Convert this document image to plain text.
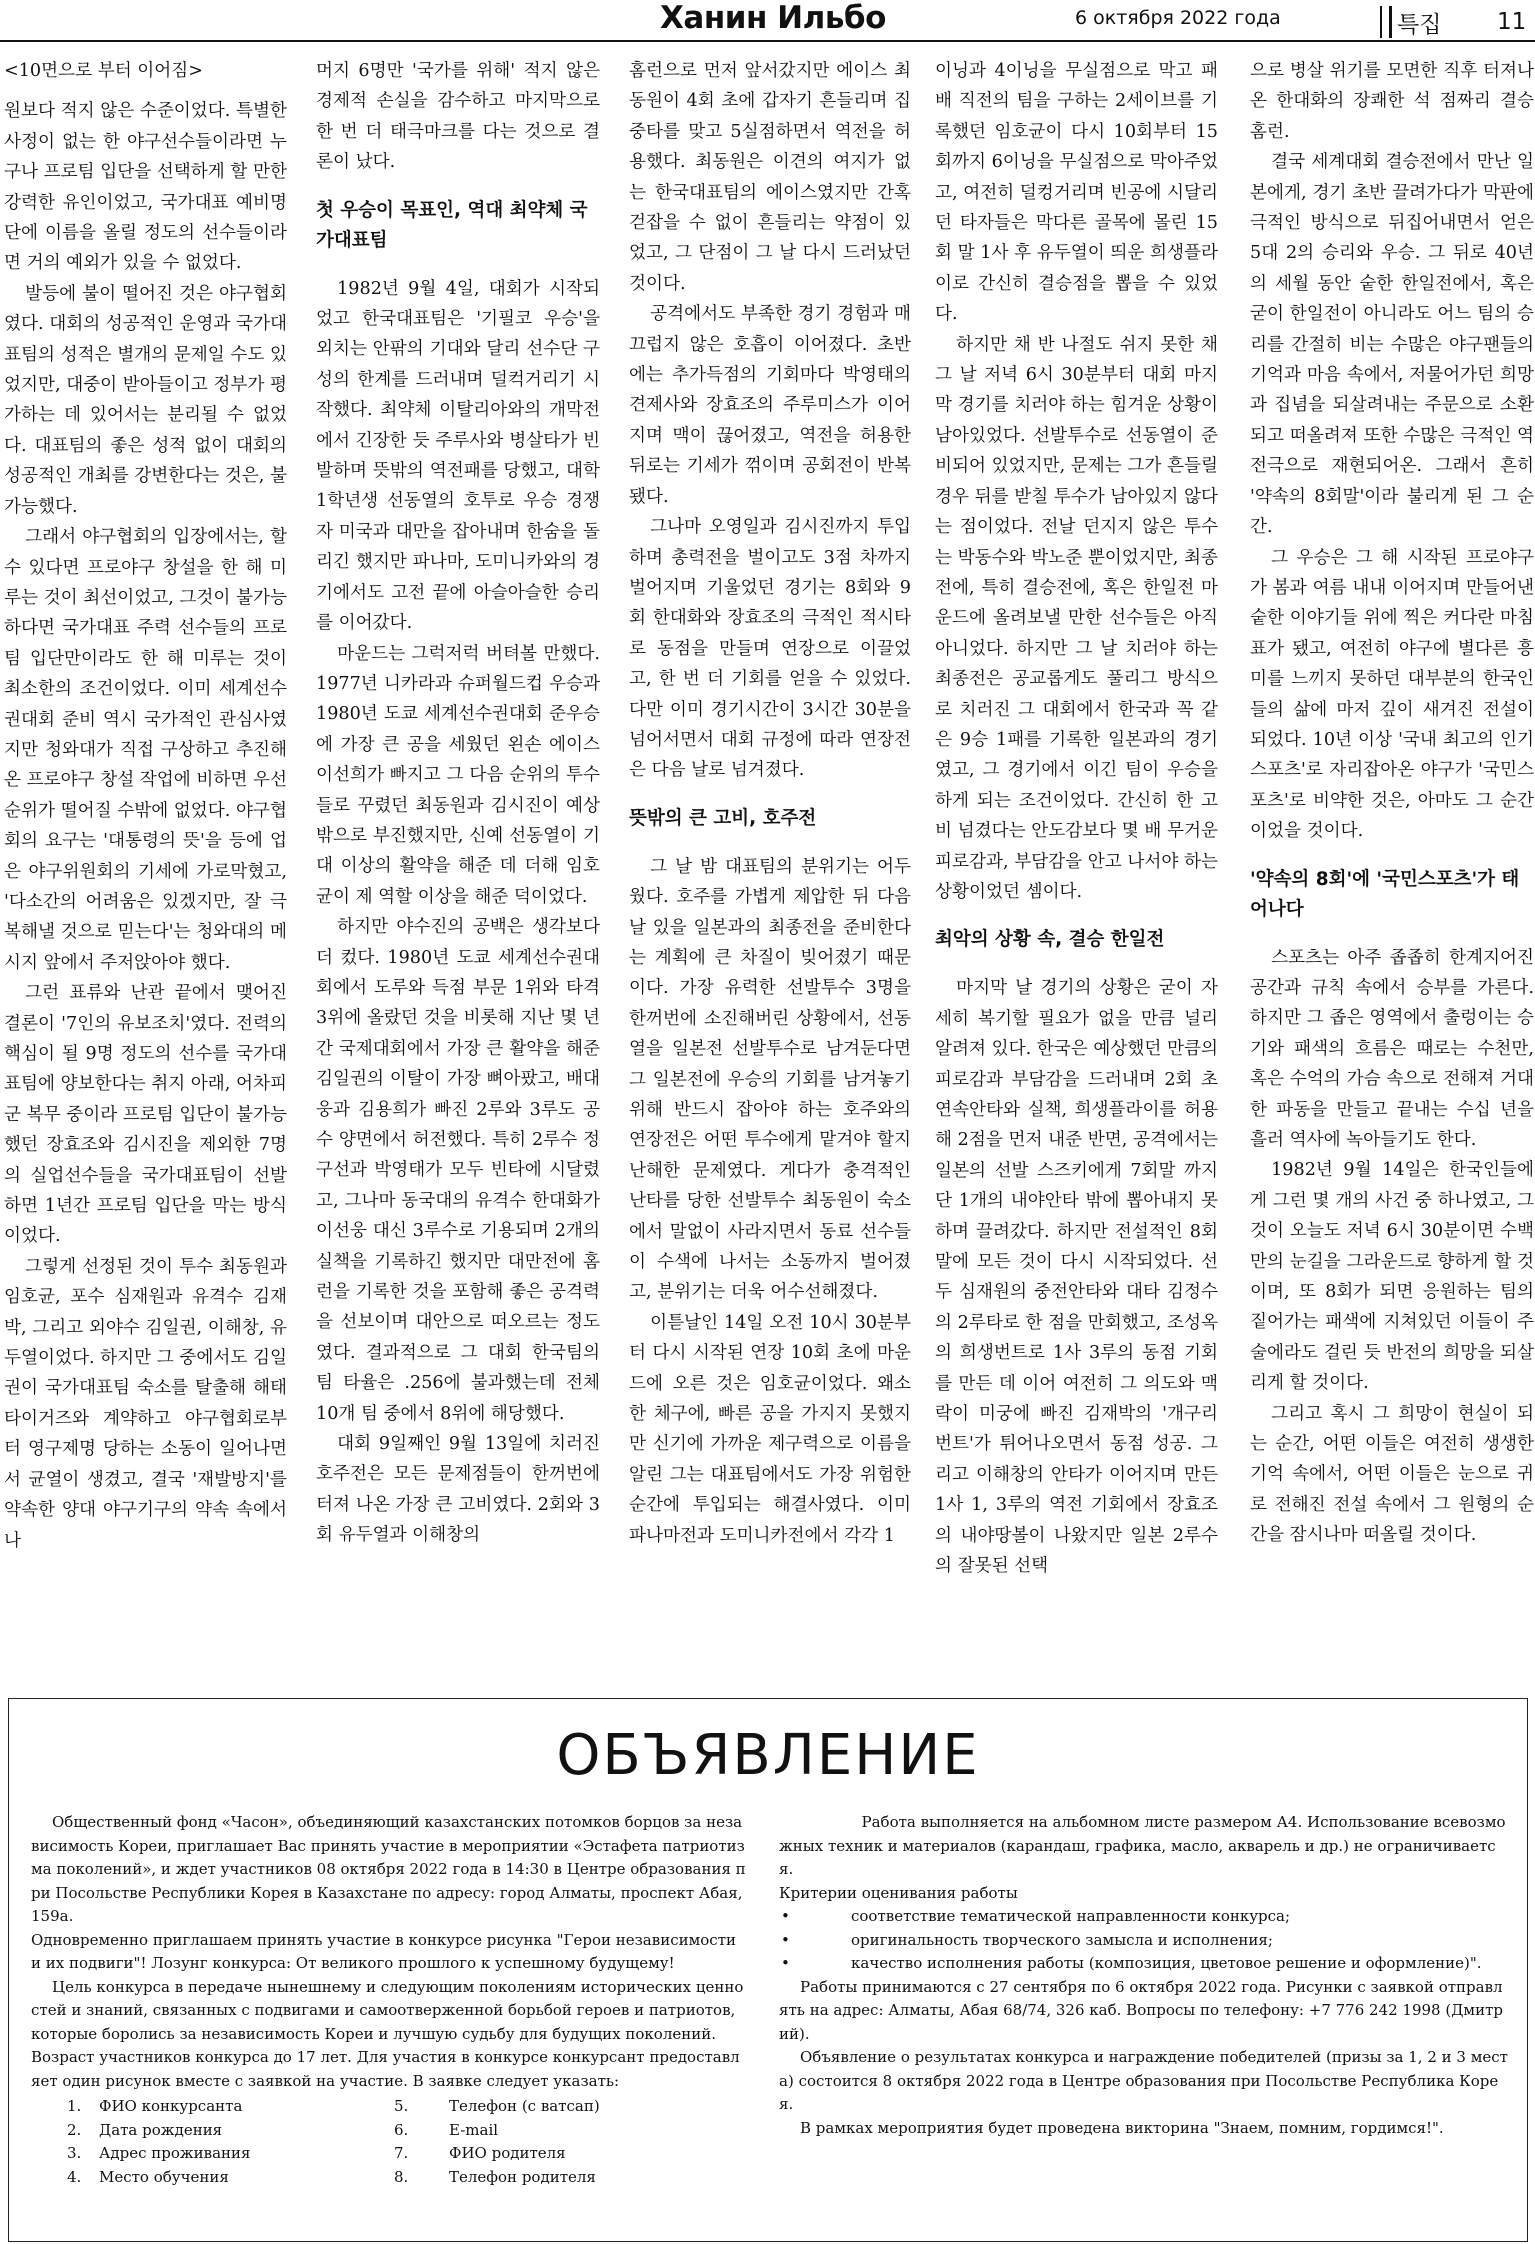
Ханин Ильбо	6 октября 2022 года	특집 11

<10면으로 부터 이어짐>

원보다 적지 않은 수준이었다. 특별한 사정이 없는 한 야구선수들이라면 누구나 프로팀 입단을 선택하게 할 만한 강력한 유인이었고, 국가대표 예비명단에 이름을 올릴 정도의 선수들이라면 거의 예외가 있을 수 없었다.

발등에 불이 떨어진 것은 야구협회였다. 대회의 성공적인 운영과 국가대표팀의 성적은 별개의 문제일 수도 있었지만, 대중이 받아들이고 정부가 평가하는 데 있어서는 분리될 수 없었다. 대표팀의 좋은 성적 없이 대회의 성공적인 개최를 강변한다는 것은, 불가능했다.

그래서 야구협회의 입장에서는, 할 수 있다면 프로야구 창설을 한 해 미루는 것이 최선이었고, 그것이 불가능하다면 국가대표 주력 선수들의 프로팀 입단만이라도 한 해 미루는 것이 최소한의 조건이었다. 이미 세계선수권대회 준비 역시 국가적인 관심사였지만 청와대가 직접 구상하고 추진해온 프로야구 창설 작업에 비하면 우선순위가 떨어질 수밖에 없었다. 야구협회의 요구는 '대통령의 뜻'을 등에 업은 야구위원회의 기세에 가로막혔고, '다소간의 어려움은 있겠지만, 잘 극복해낼 것으로 믿는다'는 청와대의 메시지 앞에서 주저앉아야 했다.

그런 표류와 난관 끝에서 맺어진 결론이 '7인의 유보조치'였다. 전력의 핵심이 될 9명 정도의 선수를 국가대표팀에 양보한다는 취지 아래, 어차피 군 복무 중이라 프로팀 입단이 불가능했던 장효조와 김시진을 제외한 7명의 실업선수들을 국가대표팀이 선발하면 1년간 프로팀 입단을 막는 방식이었다.

그렇게 선정된 것이 투수 최동원과 임호균, 포수 심재원과 유격수 김재박, 그리고 외야수 김일권, 이해창, 유두열이었다. 하지만 그 중에서도 김일권이 국가대표팀 숙소를 탈출해 해태 타이거즈와 계약하고 야구협회로부터 영구제명 당하는 소동이 일어나면서 균열이 생겼고, 결국 '재발방지'를 약속한 양대 야구기구의 약속 속에서 나

머지 6명만 '국가를 위해' 적지 않은 경제적 손실을 감수하고 마지막으로 한 번 더 태극마크를 다는 것으로 결론이 났다.

첫 우승이 목표인, 역대 최약체 국가대표팀

1982년 9월 4일, 대회가 시작되었고 한국대표팀은 '기필코 우승'을 외치는 안팎의 기대와 달리 선수단 구성의 한계를 드러내며 덜컥거리기 시작했다. 최약체 이탈리아와의 개막전에서 긴장한 듯 주루사와 병살타가 빈발하며 뜻밖의 역전패를 당했고, 대학 1학년생 선동열의 호투로 우승 경쟁자 미국과 대만을 잡아내며 한숨을 돌리긴 했지만 파나마, 도미니카와의 경기에서도 고전 끝에 아슬아슬한 승리를 이어갔다.

마운드는 그럭저럭 버텨볼 만했다. 1977년 니카라과 슈퍼월드컵 우승과 1980년 도쿄 세계선수권대회 준우승에 가장 큰 공을 세웠던 왼손 에이스 이선희가 빠지고 그 다음 순위의 투수들로 꾸렸던 최동원과 김시진이 예상 밖으로 부진했지만, 신예 선동열이 기대 이상의 활약을 해준 데 더해 임호균이 제 역할 이상을 해준 덕이었다.

하지만 야수진의 공백은 생각보다 더 컸다. 1980년 도쿄 세계선수권대회에서 도루와 득점 부문 1위와 타격 3위에 올랐던 것을 비롯해 지난 몇 년간 국제대회에서 가장 큰 활약을 해준 김일권의 이탈이 가장 뼈아팠고, 배대웅과 김용희가 빠진 2루와 3루도 공수 양면에서 허전했다. 특히 2루수 정구선과 박영태가 모두 빈타에 시달렸고, 그나마 동국대의 유격수 한대화가 이선웅 대신 3루수로 기용되며 2개의 실책을 기록하긴 했지만 대만전에 홈런을 기록한 것을 포함해 좋은 공격력을 선보이며 대안으로 떠오르는 정도였다. 결과적으로 그 대회 한국팀의 팀 타율은 .256에 불과했는데 전체 10개 팀 중에서 8위에 해당했다.

대회 9일째인 9월 13일에 치러진 호주전은 모든 문제점들이 한꺼번에 터져 나온 가장 큰 고비였다. 2회와 3회 유두열과 이해창의

홈런으로 먼저 앞서갔지만 에이스 최동원이 4회 초에 갑자기 흔들리며 집중타를 맞고 5실점하면서 역전을 허용했다. 최동원은 이견의 여지가 없는 한국대표팀의 에이스였지만 간혹 걷잡을 수 없이 흔들리는 약점이 있었고, 그 단점이 그 날 다시 드러났던 것이다.

공격에서도 부족한 경기 경험과 매끄럽지 않은 호흡이 이어졌다. 초반에는 추가득점의 기회마다 박영태의 견제사와 장효조의 주루미스가 이어지며 맥이 끊어졌고, 역전을 허용한 뒤로는 기세가 꺾이며 공회전이 반복됐다.

그나마 오영일과 김시진까지 투입하며 총력전을 벌이고도 3점 차까지 벌어지며 기울었던 경기는 8회와 9회 한대화와 장효조의 극적인 적시타로 동점을 만들며 연장으로 이끌었고, 한 번 더 기회를 얻을 수 있었다. 다만 이미 경기시간이 3시간 30분을 넘어서면서 대회 규정에 따라 연장전은 다음 날로 넘겨졌다.

뜻밖의 큰 고비, 호주전

그 날 밤 대표팀의 분위기는 어두웠다. 호주를 가볍게 제압한 뒤 다음 날 있을 일본과의 최종전을 준비한다는 계획에 큰 차질이 빚어졌기 때문이다. 가장 유력한 선발투수 3명을 한꺼번에 소진해버린 상황에서, 선동열을 일본전 선발투수로 남겨둔다면 그 일본전에 우승의 기회를 남겨놓기 위해 반드시 잡아야 하는 호주와의 연장전은 어떤 투수에게 맡겨야 할지 난해한 문제였다. 게다가 충격적인 난타를 당한 선발투수 최동원이 숙소에서 말없이 사라지면서 동료 선수들이 수색에 나서는 소동까지 벌어졌고, 분위기는 더욱 어수선해졌다.

이튿날인 14일 오전 10시 30분부터 다시 시작된 연장 10회 초에 마운드에 오른 것은 임호균이었다. 왜소한 체구에, 빠른 공을 가지지 못했지만 신기에 가까운 제구력으로 이름을 알린 그는 대표팀에서도 가장 위험한 순간에 투입되는 해결사였다. 이미 파나마전과 도미니카전에서 각각 1

이닝과 4이닝을 무실점으로 막고 패배 직전의 팀을 구하는 2세이브를 기록했던 임호균이 다시 10회부터 15회까지 6이닝을 무실점으로 막아주었고, 여전히 덜컹거리며 빈공에 시달리던 타자들은 막다른 골목에 몰린 15회 말 1사 후 유두열이 띄운 희생플라이로 간신히 결승점을 뽑을 수 있었다.

하지만 채 반 나절도 쉬지 못한 채 그 날 저녁 6시 30분부터 대회 마지막 경기를 치러야 하는 힘겨운 상황이 남아있었다. 선발투수로 선동열이 준비되어 있었지만, 문제는 그가 흔들릴 경우 뒤를 받칠 투수가 남아있지 않다는 점이었다. 전날 던지지 않은 투수는 박동수와 박노준 뿐이었지만, 최종전에, 특히 결승전에, 혹은 한일전 마운드에 올려보낼 만한 선수들은 아직 아니었다. 하지만 그 날 치러야 하는 최종전은 공교롭게도 풀리그 방식으로 치러진 그 대회에서 한국과 꼭 같은 9승 1패를 기록한 일본과의 경기였고, 그 경기에서 이긴 팀이 우승을 하게 되는 조건이었다. 간신히 한 고비 넘겼다는 안도감보다 몇 배 무거운 피로감과, 부담감을 안고 나서야 하는 상황이었던 셈이다.

최악의 상황 속, 결승 한일전

마지막 날 경기의 상황은 굳이 자세히 복기할 필요가 없을 만큼 널리 알려져 있다. 한국은 예상했던 만큼의 피로감과 부담감을 드러내며 2회 초 연속안타와 실책, 희생플라이를 허용해 2점을 먼저 내준 반면, 공격에서는 일본의 선발 스즈키에게 7회말 까지 단 1개의 내야안타 밖에 뽑아내지 못하며 끌려갔다. 하지만 전설적인 8회 말에 모든 것이 다시 시작되었다. 선두 심재원의 중전안타와 대타 김정수의 2루타로 한 점을 만회했고, 조성옥의 희생번트로 1사 3루의 동점 기회를 만든 데 이어 여전히 그 의도와 맥락이 미궁에 빠진 김재박의 '개구리 번트'가 튀어나오면서 동점 성공. 그리고 이해창의 안타가 이어지며 만든 1사 1, 3루의 역전 기회에서 장효조의 내야땅볼이 나왔지만 일본 2루수의 잘못된 선택

으로 병살 위기를 모면한 직후 터져나온 한대화의 장쾌한 석 점짜리 결승 홈런.

결국 세계대회 결승전에서 만난 일본에게, 경기 초반 끌려가다가 막판에 극적인 방식으로 뒤집어내면서 얻은 5대 2의 승리와 우승. 그 뒤로 40년의 세월 동안 숱한 한일전에서, 혹은 굳이 한일전이 아니라도 어느 팀의 승리를 간절히 비는 수많은 야구팬들의 기억과 마음 속에서, 저물어가던 희망과 집념을 되살려내는 주문으로 소환되고 떠올려져 또한 수많은 극적인 역전극으로 재현되어온. 그래서 흔히 '약속의 8회말'이라 불리게 된 그 순간.

그 우승은 그 해 시작된 프로야구가 봄과 여름 내내 이어지며 만들어낸 숱한 이야기들 위에 찍은 커다란 마침표가 됐고, 여전히 야구에 별다른 흥미를 느끼지 못하던 대부분의 한국인들의 삶에 마저 깊이 새겨진 전설이 되었다. 10년 이상 '국내 최고의 인기 스포츠'로 자리잡아온 야구가 '국민스포츠'로 비약한 것은, 아마도 그 순간이었을 것이다.

'약속의 8회'에 '국민스포츠'가 태어나다

스포츠는 아주 좁좁히 한계지어진 공간과 규칙 속에서 승부를 가른다. 하지만 그 좁은 영역에서 출렁이는 승기와 패색의 흐름은 때로는 수천만, 혹은 수억의 가슴 속으로 전해져 거대한 파동을 만들고 끝내는 수십 년을 흘러 역사에 녹아들기도 한다.

1982년 9월 14일은 한국인들에게 그런 몇 개의 사건 중 하나였고, 그것이 오늘도 저녁 6시 30분이면 수백만의 눈길을 그라운드로 향하게 할 것이며, 또 8회가 되면 응원하는 팀의 짙어가는 패색에 지쳐있던 이들이 주술에라도 걸린 듯 반전의 희망을 되살리게 할 것이다.

그리고 혹시 그 희망이 현실이 되는 순간, 어떤 이들은 여전히 생생한 기억 속에서, 어떤 이들은 눈으로 귀로 전해진 전설 속에서 그 원형의 순간을 잠시나마 떠올릴 것이다.

ОБЪЯВЛЕНИЕ

Общественный фонд «Часон», объединяющий казахстанских потомков борцов за независимость Кореи, приглашает Вас принять участие в мероприятии «Эстафета патриотизма поколений», и ждет участников 08 октября 2022 года в 14:30 в Центре образования при Посольстве Республики Корея в Казахстане по адресу: город Алматы, проспект Абая, 159а.

Одновременно приглашаем принять участие в конкурсе рисунка "Герои независимости и их подвиги"! Лозунг конкурса: От великого прошлого к успешному будущему!

Цель конкурса в передаче нынешнему и следующим поколениям исторических ценностей и знаний, связанных с подвигами и самоотверженной борьбой героев и патриотов, которые боролись за независимость Кореи и лучшую судьбу для будущих поколений.

Возраст участников конкурса до 17 лет. Для участия в конкурсе конкурсант предоставляет один рисунок вместе с заявкой на участие. В заявке следует указать:

1.	ФИО конкурсанта	5.	Телефон (с ватсап)
2.	Дата рождения	6.	E-mail
3.	Адрес проживания	7.	ФИО родителя
4.	Место обучения	8.	Телефон родителя

Работа выполняется на альбомном листе размером А4. Использование всевозможных техник и материалов (карандаш, графика, масло, акварель и др.) не ограничивается.

Критерии оценивания работы

•	соответствие тематической направленности конкурса;
•	оригинальность творческого замысла и исполнения;
•	качество исполнения работы (композиция, цветовое решение и оформление)".

Работы принимаются с 27 сентября по 6 октября 2022 года. Рисунки с заявкой отправлять на адрес: Алматы, Абая 68/74, 326 каб. Вопросы по телефону: +7 776 242 1998 (Дмитрий).

Объявление о результатах конкурса и награждение победителей (призы за 1, 2 и 3 места) состоится 8 октября 2022 года в Центре образования при Посольстве Республика Корея.

В рамках мероприятия будет проведена викторина "Знаем, помним, гордимся!".
